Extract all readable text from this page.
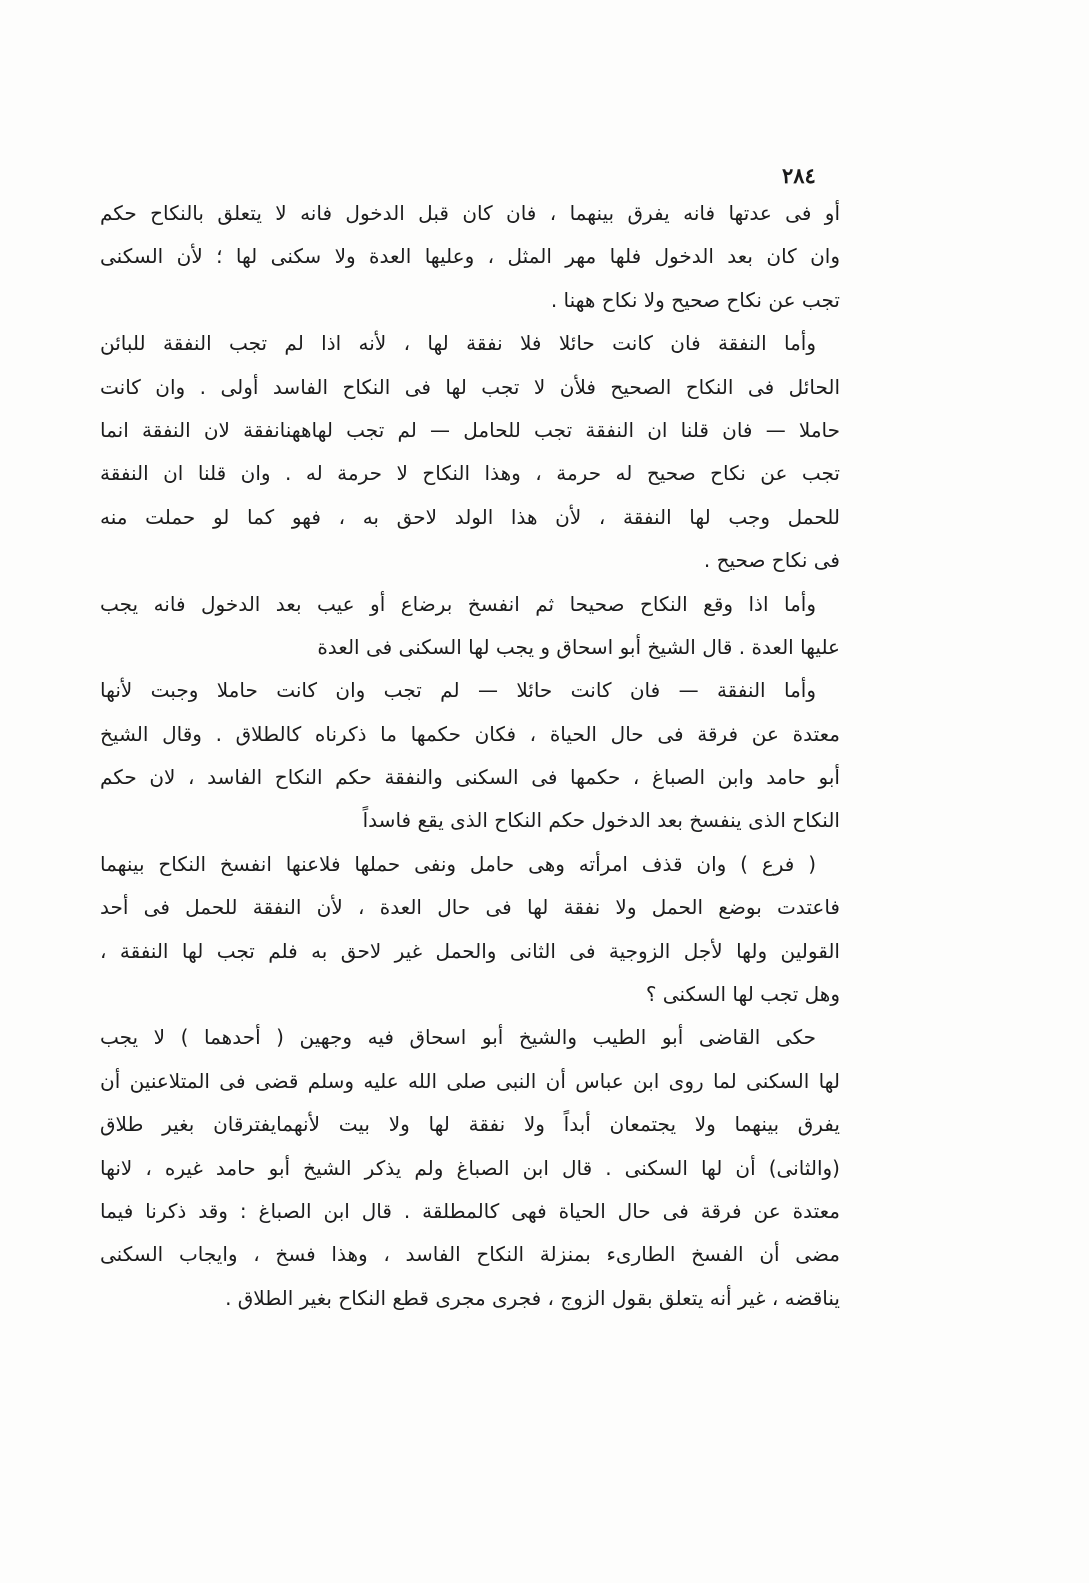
٢٨٤
أو فى عدتها فانه يفرق بينهما ، فان كان قبل الدخول فانه لا يتعلق بالنكاح حكم
وان كان بعد الدخول فلها مهر المثل ، وعليها العدة ولا سكنى لها ؛ لأن السكنى
تجب عن نكاح صحيح ولا نكاح ههنا .
وأما النفقة فان كانت حائلا فلا نفقة لها ، لأنه اذا لم تجب النفقة للبائن
الحائل فى النكاح الصحيح فلأن لا تجب لها فى النكاح الفاسد أولى . وان كانت
حاملا — فان قلنا ان النفقة تجب للحامل — لم تجب لهاههنانفقة لان النفقة انما
تجب عن نكاح صحيح له حرمة ، وهذا النكاح لا حرمة له . وان قلنا ان النفقة
للحمل وجب لها النفقة ، لأن هذا الولد لاحق به ، فهو كما لو حملت منه
فى نكاح صحيح .
وأما اذا وقع النكاح صحيحا ثم انفسخ برضاع أو عيب بعد الدخول فانه يجب
عليها العدة . قال الشيخ أبو اسحاق و يجب لها السكنى فى العدة
وأما النفقة — فان كانت حائلا — لم تجب وان كانت حاملا وجبت لأنها
معتدة عن فرقة فى حال الحياة ، فكان حكمها ما ذكرناه كالطلاق . وقال الشيخ
أبو حامد وابن الصباغ ، حكمها فى السكنى والنفقة حكم النكاح الفاسد ، لان حكم
النكاح الذى ينفسخ بعد الدخول حكم النكاح الذى يقع فاسداً
( فرع ) وان قذف امرأته وهى حامل ونفى حملها فلاعنها انفسخ النكاح بينهما
فاعتدت بوضع الحمل ولا نفقة لها فى حال العدة ، لأن النفقة للحمل فى أحد
القولين ولها لأجل الزوجية فى الثانى والحمل غير لاحق به فلم تجب لها النفقة ،
وهل تجب لها السكنى ؟
حكى القاضى أبو الطيب والشيخ أبو اسحاق فيه وجهين ( أحدهما ) لا يجب
لها السكنى لما روى ابن عباس أن النبى صلى الله عليه وسلم قضى فى المتلاعنين أن
يفرق بينهما ولا يجتمعان أبداً ولا نفقة لها ولا بيت لأنهمايفترقان بغير طلاق
(والثانى) أن لها السكنى . قال ابن الصباغ ولم يذكر الشيخ أبو حامد غيره ، لانها
معتدة عن فرقة فى حال الحياة فهى كالمطلقة . قال ابن الصباغ : وقد ذكرنا فيما
مضى أن الفسخ الطارىء بمنزلة النكاح الفاسد ، وهذا فسخ ، وايجاب السكنى
يناقضه ، غير أنه يتعلق بقول الزوج ، فجرى مجرى قطع النكاح بغير الطلاق .
